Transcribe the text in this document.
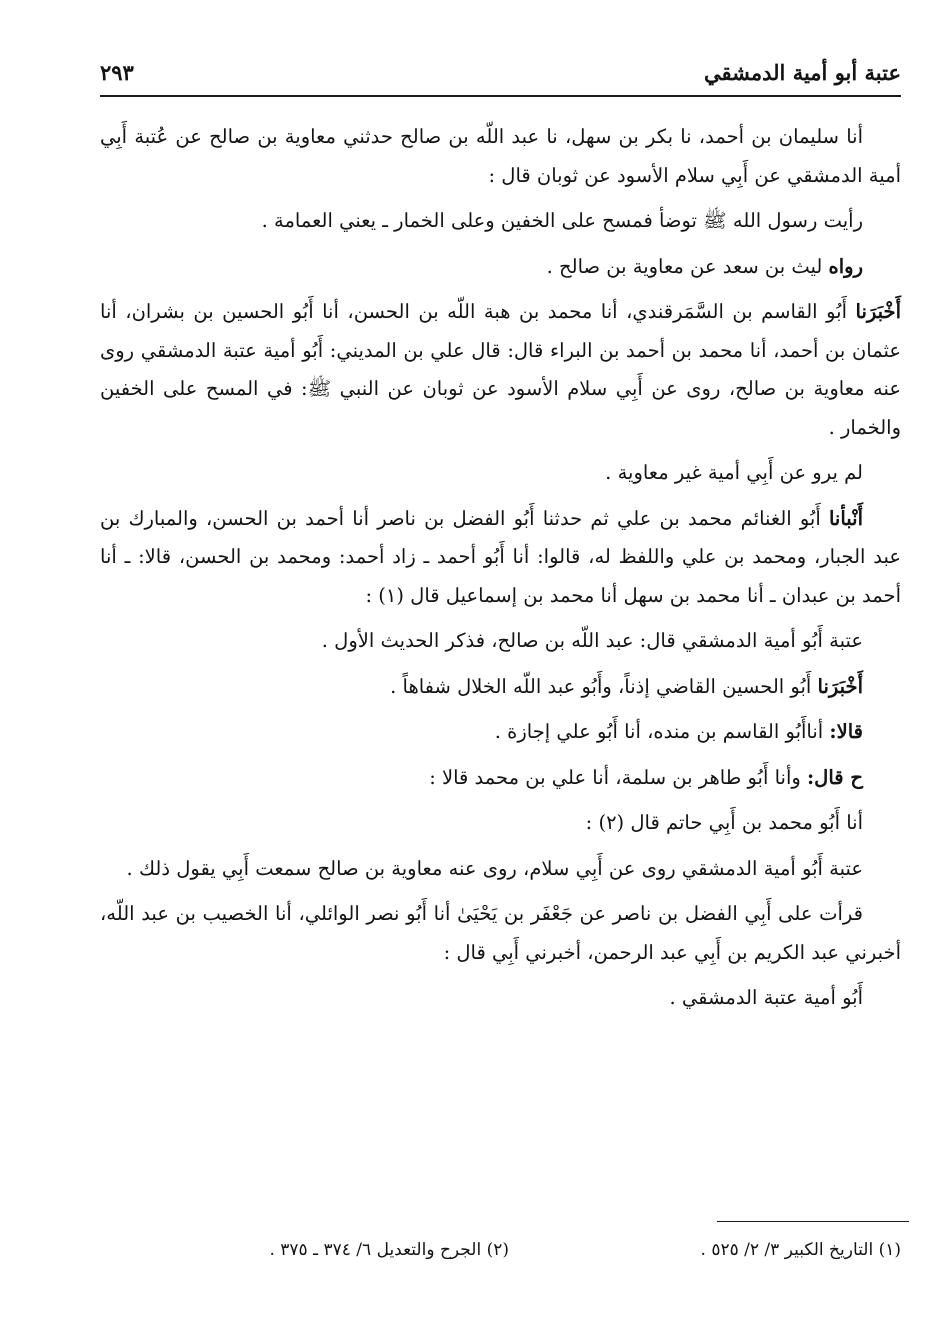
عتبة أبو أمية الدمشقي
٢٩٣

أنا سليمان بن أحمد، نا بكر بن سهل، نا عبد اللّه بن صالح حدثني معاوية بن صالح عن عُتبة أَبِي أمية الدمشقي عن أَبِي سلام الأسود عن ثوبان قال :

رأيت رسول الله ﷺ توضأ فمسح على الخفين وعلى الخمار ـ يعني العمامة .

رواه ليث بن سعد عن معاوية بن صالح .

أَخْبَرَنا أَبُو القاسم بن السَّمَرقندي، أنا محمد بن هبة اللّه بن الحسن، أنا أَبُو الحسين بن بشران، أنا عثمان بن أحمد، أنا محمد بن أحمد بن البراء قال: قال علي بن المديني: أَبُو أمية عتبة الدمشقي روى عنه معاوية بن صالح، روى عن أَبِي سلام الأسود عن ثوبان عن النبي ﷺ: في المسح على الخفين والخمار .

لم يرو عن أَبِي أمية غير معاوية .

أَنْبأنا أَبُو الغنائم محمد بن علي ثم حدثنا أَبُو الفضل بن ناصر أنا أحمد بن الحسن، والمبارك بن عبد الجبار، ومحمد بن علي واللفظ له، قالوا: أنا أَبُو أحمد ـ زاد أحمد: ومحمد بن الحسن، قالا: ـ أنا أحمد بن عبدان ـ أنا محمد بن سهل أنا محمد بن إسماعيل قال (١) :

عتبة أَبُو أمية الدمشقي قال: عبد اللّه بن صالح، فذكر الحديث الأول .

أَخْبَرَنا أَبُو الحسين القاضي إذناً، وأَبُو عبد اللّه الخلال شفاهاً .

قالا: أناأَبُو القاسم بن منده، أنا أَبُو علي إجازة .

ح قال: وأنا أَبُو طاهر بن سلمة، أنا علي بن محمد قالا :

أنا أَبُو محمد بن أَبِي حاتم قال (٢) :

عتبة أَبُو أمية الدمشقي روى عن أَبِي سلام، روى عنه معاوية بن صالح سمعت أَبِي يقول ذلك .

قرأت على أَبِي الفضل بن ناصر عن جَعْفَر بن يَحْيَىٰ أنا أَبُو نصر الوائلي، أنا الخصيب بن عبد اللّه، أخبرني عبد الكريم بن أَبِي عبد الرحمن، أخبرني أَبِي قال :

أَبُو أمية عتبة الدمشقي .

(١) التاريخ الكبير ٣/ ٢/ ٥٢٥ .
(٢) الجرح والتعديل ٦/ ٣٧٤ ـ ٣٧٥ .
